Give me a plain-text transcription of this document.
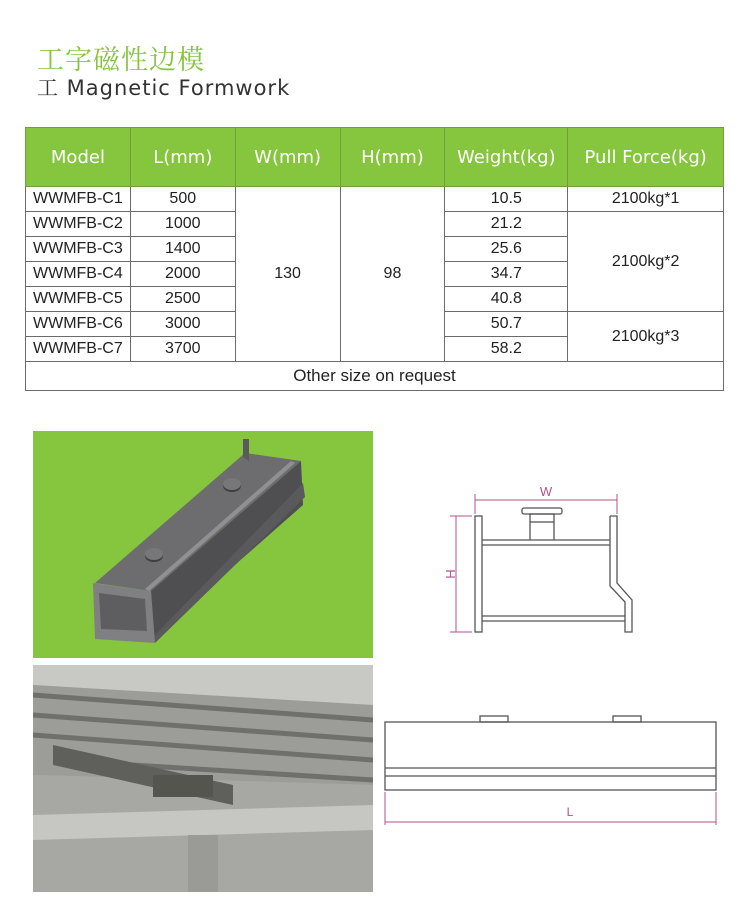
工字磁性边模
工 Magnetic Formwork
Model	L(mm)	W(mm)	H(mm)	Weight(kg)	Pull Force(kg)
WWMFB-C1	500	130	98	10.5	2100kg*1
WWMFB-C2	1000			21.2	2100kg*2
WWMFB-C3	1400			25.6	
WWMFB-C4	2000			34.7	
WWMFB-C5	2500			40.8	
WWMFB-C6	3000			50.7	2100kg*3
WWMFB-C7	3700			58.2	
Other size on request					
W
H
L
